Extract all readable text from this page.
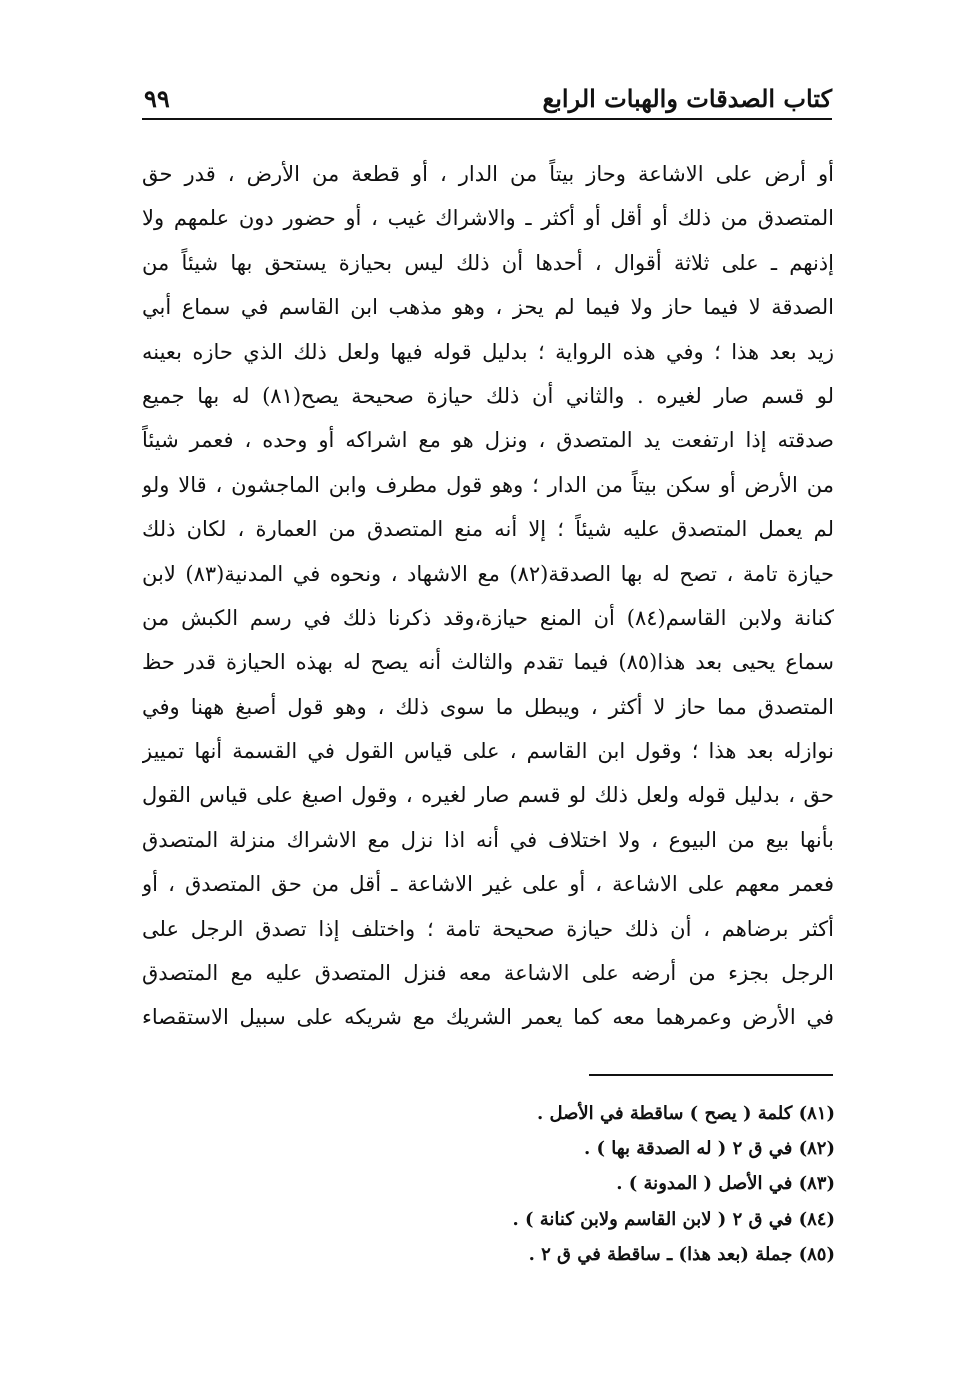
كتاب الصدقات والهبات الرابع
٩٩
أو أرض على الاشاعة وحاز بيتاً من الدار ، أو قطعة من الأرض ، قدر حق
المتصدق من ذلك أو أقل أو أكثر ـ والاشراك غيب ، أو حضور دون علمهم ولا
إذنهم ـ على ثلاثة أقوال ، أحدها أن ذلك ليس بحيازة يستحق بها شيئاً من
الصدقة لا فيما حاز ولا فيما لم يحز ، وهو مذهب ابن القاسم في سماع أبي
زيد بعد هذا ؛ وفي هذه الرواية ؛ بدليل قوله فيها ولعل ذلك الذي حازه بعينه
لو قسم صار لغيره . والثاني أن ذلك حيازة صحيحة يصح(٨١) له بها جميع
صدقته إذا ارتفعت يد المتصدق ، ونزل هو مع اشراكه أو وحده ، فعمر شيئاً
من الأرض أو سكن بيتاً من الدار ؛ وهو قول مطرف وابن الماجشون ، قالا ولو
لم يعمل المتصدق عليه شيئاً ؛ إلا أنه منع المتصدق من العمارة ، لكان ذلك
حيازة تامة ، تصح له بها الصدقة(٨٢) مع الاشهاد ، ونحوه في المدنية(٨٣) لابن
كنانة ولابن القاسم(٨٤) أن المنع حيازة،وقد ذكرنا ذلك في رسم الكبش من
سماع يحيى بعد هذا(٨٥) فيما تقدم والثالث أنه يصح له بهذه الحيازة قدر حظ
المتصدق مما حاز لا أكثر ، ويبطل ما سوى ذلك ، وهو قول أصبغ ههنا وفي
نوازله بعد هذا ؛ وقول ابن القاسم ، على قياس القول في القسمة أنها تمييز
حق ، بدليل قوله ولعل ذلك لو قسم صار لغيره ، وقول اصبغ على قياس القول
بأنها بيع من البيوع ، ولا اختلاف في أنه اذا نزل مع الاشراك منزلة المتصدق
فعمر معهم على الاشاعة ، أو على غير الاشاعة ـ أقل من حق المتصدق ، أو
أكثر برضاهم ، أن ذلك حيازة صحيحة تامة ؛ واختلف إذا تصدق الرجل على
الرجل بجزء من أرضه على الاشاعة معه فنزل المتصدق عليه مع المتصدق
في الأرض وعمرهما معه كما يعمر الشريك مع شريكه على سبيل الاستقصاء
(٨١) كلمة ( يصح ) ساقطة في الأصل .
(٨٢) في ق ٢ ( له الصدقة بها ) .
(٨٣) في الأصل ( المدونة ) .
(٨٤) في ق ٢ ( لابن القاسم ولابن كنانة ) .
(٨٥) جملة (بعد هذا) ـ ساقطة في ق ٢ .
